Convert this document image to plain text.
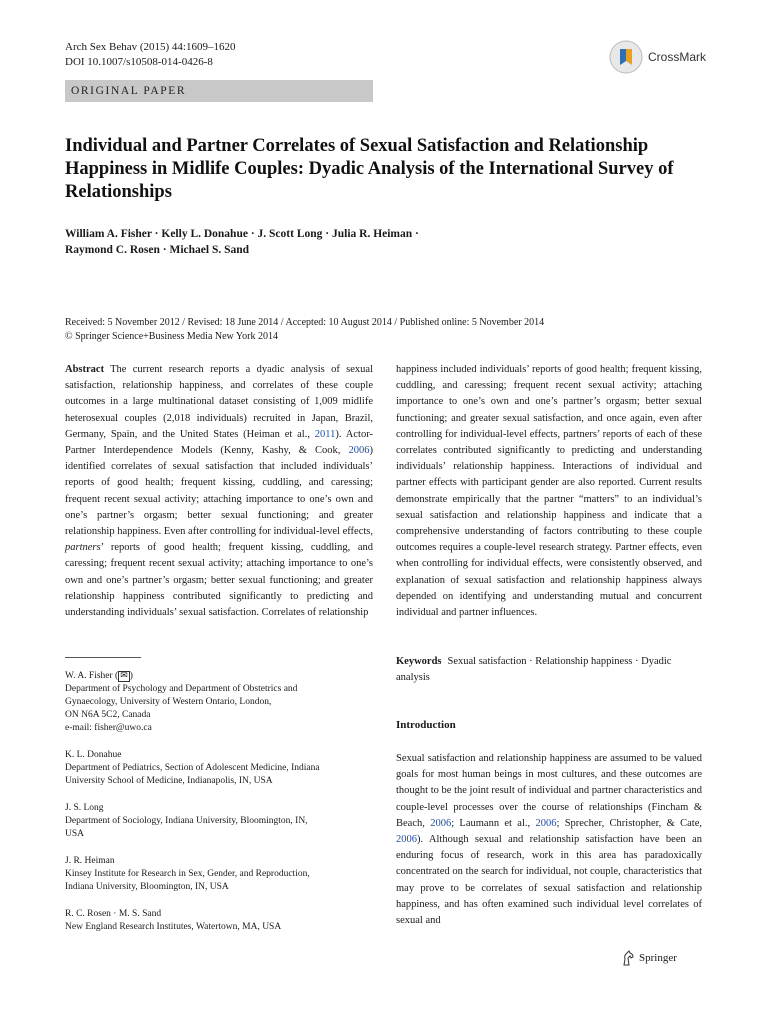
Arch Sex Behav (2015) 44:1609–1620
DOI 10.1007/s10508-014-0426-8	CrossMark
ORIGINAL PAPER
Individual and Partner Correlates of Sexual Satisfaction and Relationship Happiness in Midlife Couples: Dyadic Analysis of the International Survey of Relationships
William A. Fisher · Kelly L. Donahue · J. Scott Long · Julia R. Heiman ·
Raymond C. Rosen · Michael S. Sand
Received: 5 November 2012 / Revised: 18 June 2014 / Accepted: 10 August 2014 / Published online: 5 November 2014
© Springer Science+Business Media New York 2014
Abstract The current research reports a dyadic analysis of sexual satisfaction, relationship happiness, and correlates of these couple outcomes in a large multinational dataset consisting of 1,009 midlife heterosexual couples (2,018 individuals) recruited in Japan, Brazil, Germany, Spain, and the United States (Heiman et al., 2011). Actor-Partner Interdependence Models (Kenny, Kashy, & Cook, 2006) identified correlates of sexual satisfaction that included individuals’ reports of good health; frequent kissing, cuddling, and caressing; frequent recent sexual activity; attaching importance to one’s own and one’s partner’s orgasm; better sexual functioning; and greater relationship happiness. Even after controlling for individual-level effects, partners’ reports of good health; frequent kissing, cuddling, and caressing; frequent recent sexual activity; attaching importance to one’s own and one’s partner’s orgasm; better sexual functioning; and greater relationship happiness contributed significantly to predicting and understanding individuals’ sexual satisfaction. Correlates of relationship
happiness included individuals’ reports of good health; frequent kissing, cuddling, and caressing; frequent recent sexual activity; attaching importance to one’s own and one’s partner’s orgasm; better sexual functioning; and greater sexual satisfaction, and once again, even after controlling for individual-level effects, partners’ reports of each of these correlates contributed significantly to predicting and understanding individuals’ relationship happiness. Interactions of individual and partner effects with participant gender are also reported. Current results demonstrate empirically that the partner “matters” to an individual’s sexual satisfaction and relationship happiness and indicate that a comprehensive understanding of factors contributing to these couple outcomes requires a couple-level research strategy. Partner effects, even when controlling for individual effects, were consistently observed, and explanation of sexual satisfaction and relationship happiness always depended on identifying and understanding mutual and concurrent individual and partner influences.
Keywords Sexual satisfaction · Relationship happiness · Dyadic analysis
Introduction
Sexual satisfaction and relationship happiness are assumed to be valued goals for most human beings in most cultures, and these outcomes are thought to be the joint result of individual and partner characteristics and couple-level processes over the course of relationships (Fincham & Beach, 2006; Laumann et al., 2006; Sprecher, Christopher, & Cate, 2006). Although sexual and relationship satisfaction have been an enduring focus of research, work in this area has paradoxically concentrated on the search for individual, not couple, characteristics that may prove to be correlates of sexual satisfaction and relationship happiness, and has often examined such individual level correlates of sexual and
W. A. Fisher ( ✉ )
Department of Psychology and Department of Obstetrics and
Gynaecology, University of Western Ontario, London,
ON N6A 5C2, Canada
e-mail: fisher@uwo.ca
K. L. Donahue
Department of Pediatrics, Section of Adolescent Medicine, Indiana
University School of Medicine, Indianapolis, IN, USA
J. S. Long
Department of Sociology, Indiana University, Bloomington, IN,
USA
J. R. Heiman
Kinsey Institute for Research in Sex, Gender, and Reproduction,
Indiana University, Bloomington, IN, USA
R. C. Rosen · M. S. Sand
New England Research Institutes, Watertown, MA, USA
Springer
